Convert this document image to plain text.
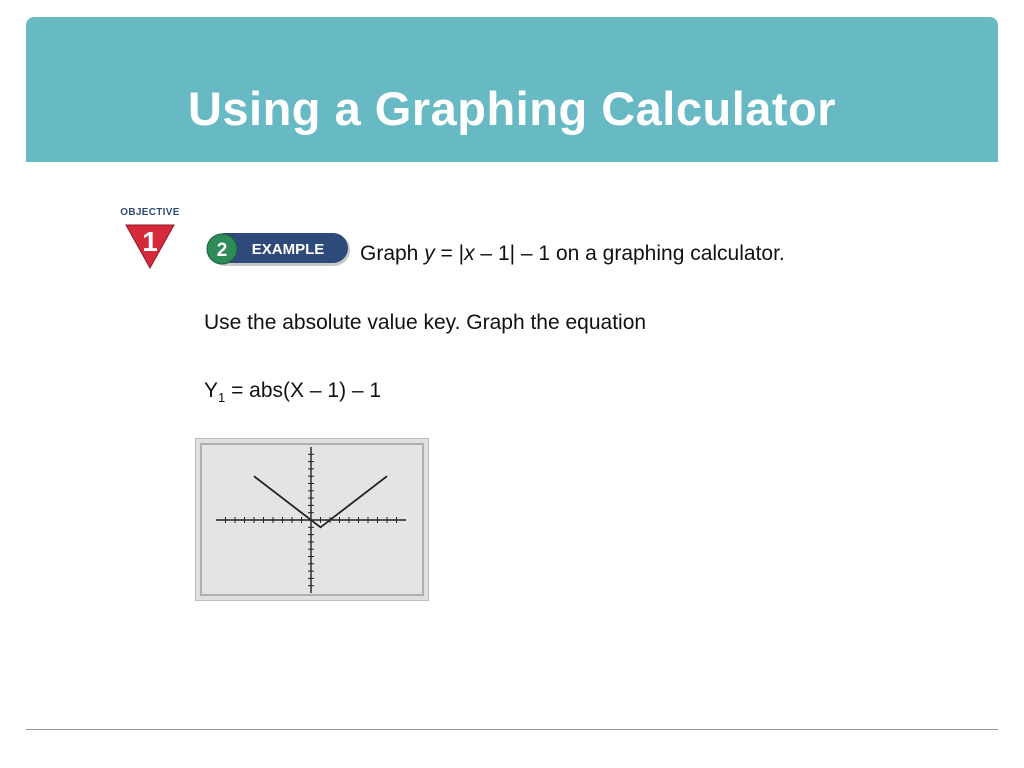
Using a Graphing Calculator
OBJECTIVE
1	2 EXAMPLE Graph y = |x – 1| – 1 on a graphing calculator.
Use the absolute value key. Graph the equation
$Y_1 = abs(X - 1) - 1$
